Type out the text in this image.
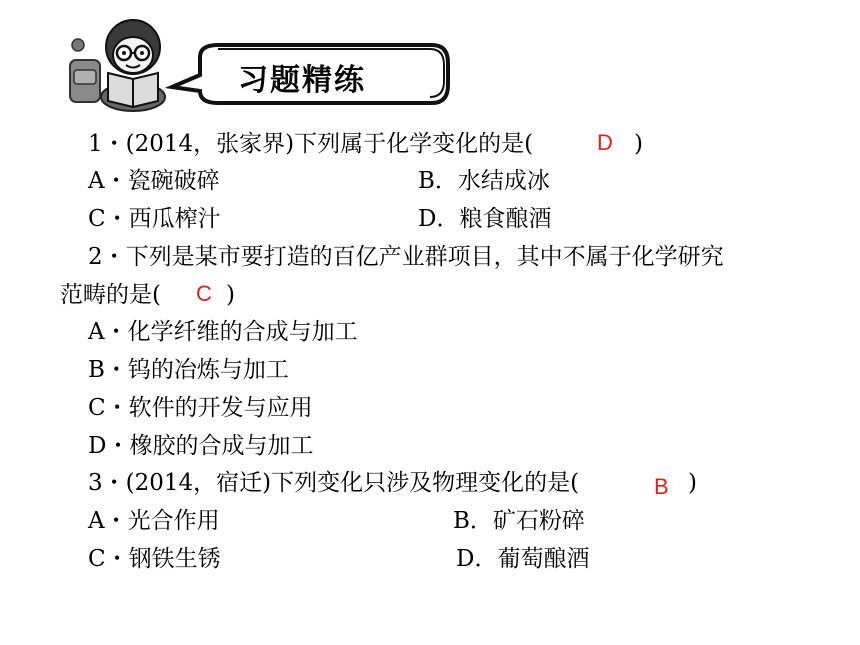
习题精练
1・(2014，张家界)下列属于化学变化的是(	D )
A・瓷碗破碎	B．水结成冰
C・西瓜榨汁	D．粮食酿酒
2・下列是某市要打造的百亿产业群项目，其中不属于化学研究
范畴的是( C )
A・化学纤维的合成与加工
B・钨的冶炼与加工
C・软件的开发与应用
D・橡胶的合成与加工
3・(2014，宿迁)下列变化只涉及物理变化的是(	B )
A・光合作用	B．矿石粉碎
C・钢铁生锈	D．葡萄酿酒
